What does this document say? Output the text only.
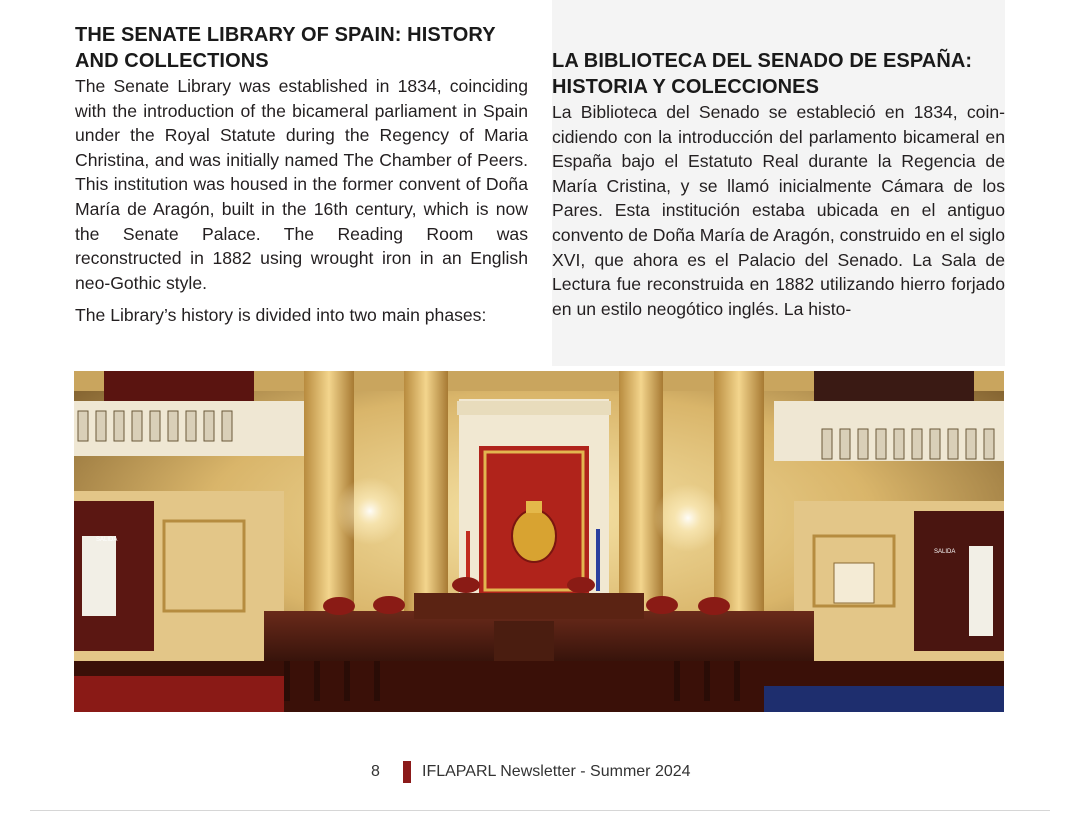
THE SENATE LIBRARY OF SPAIN: HISTORY AND COLLECTIONS

The Senate Library was established in 1834, coinciding with the introduction of the bicameral parliament in Spain under the Royal Statute during the Regency of Maria Christina, and was initially named The Chamber of Peers. This institution was housed in the former convent of Doña María de Aragón, built in the 16th century, which is now the Senate Palace. The Reading Room was reconstructed in 1882 using wrought iron in an English neo-Gothic style.

The Library’s history is divided into two main phases:

LA BIBLIOTECA DEL SENADO DE ESPAÑA: HISTORIA Y COLECCIONES

La Biblioteca del Senado se estableció en 1834, coincidiendo con la introducción del parlamento bicameral en España bajo el Estatuto Real durante la Regencia de María Cristina, y se llamó inicialmente Cámara de los Pares. Esta institución estaba ubicada en el antiguo convento de Doña María de Aragón, construido en el siglo XVI, que ahora es el Palacio del Senado. La Sala de Lectura fue reconstruida en 1882 utilizando hierro forjado en un estilo neogótico inglés. La histo-

SALIDA
SALIDA
8	IFLAPARL Newsletter - Summer 2024
